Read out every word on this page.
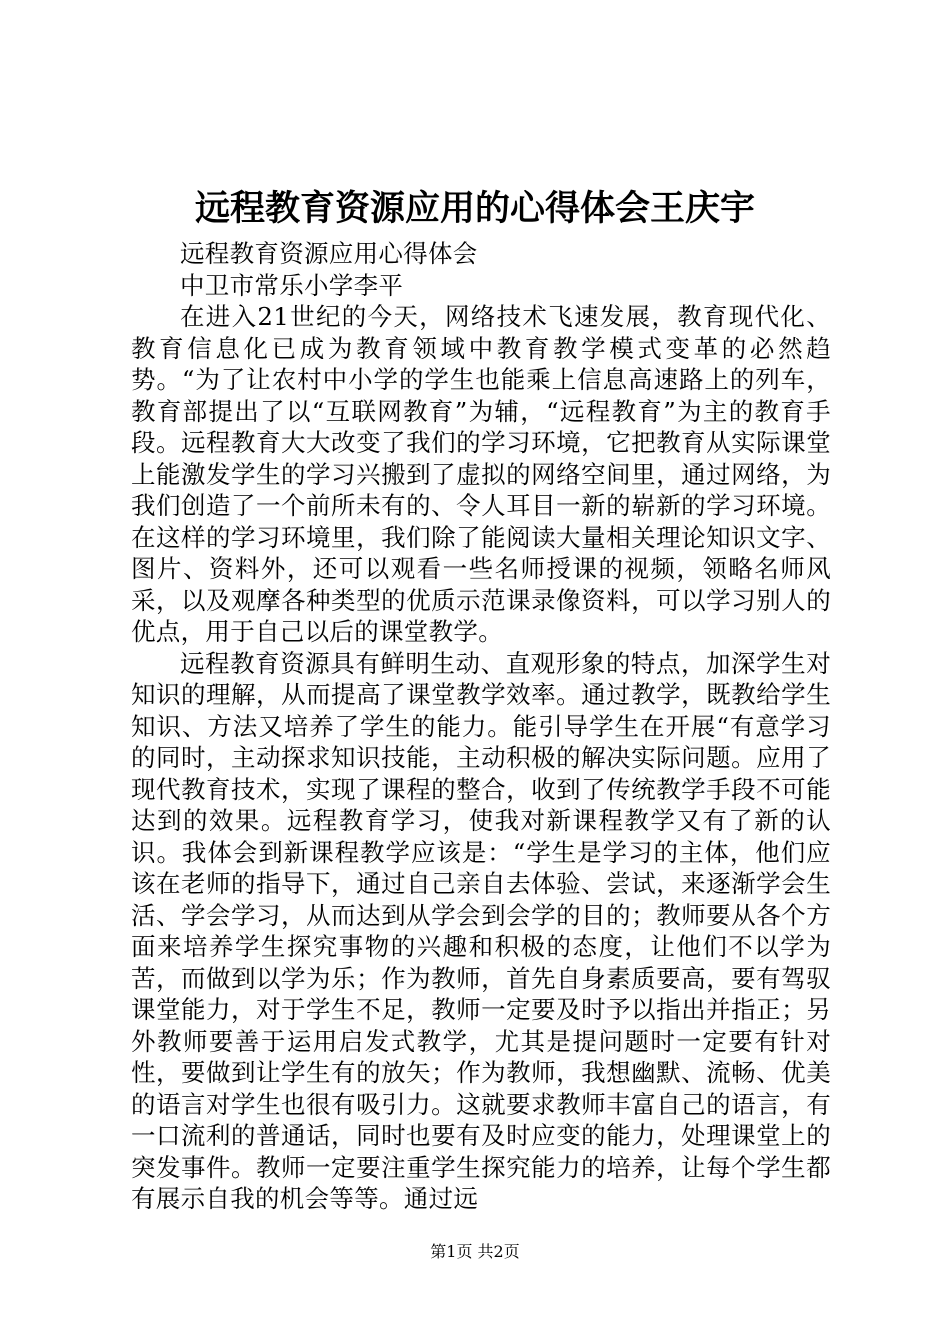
远程教育资源应用的心得体会王庆宇

远程教育资源应用心得体会

中卫市常乐小学李平

在进入21世纪的今天，网络技术飞速发展，教育现代化、教育信息化已成为教育领域中教育教学模式变革的必然趋势。“为了让农村中小学的学生也能乘上信息高速路上的列车，教育部提出了以“互联网教育”为辅，“远程教育”为主的教育手段。远程教育大大改变了我们的学习环境，它把教育从实际课堂上能激发学生的学习兴搬到了虚拟的网络空间里，通过网络，为我们创造了一个前所未有的、令人耳目一新的崭新的学习环境。在这样的学习环境里，我们除了能阅读大量相关理论知识文字、图片、资料外，还可以观看一些名师授课的视频，领略名师风采，以及观摩各种类型的优质示范课录像资料，可以学习别人的优点，用于自己以后的课堂教学。

远程教育资源具有鲜明生动、直观形象的特点，加深学生对知识的理解，从而提高了课堂教学效率。通过教学，既教给学生知识、方法又培养了学生的能力。能引导学生在开展“有意学习的同时，主动探求知识技能，主动积极的解决实际问题。应用了现代教育技术，实现了课程的整合，收到了传统教学手段不可能达到的效果。远程教育学习，使我对新课程教学又有了新的认识。我体会到新课程教学应该是：“学生是学习的主体，他们应该在老师的指导下，通过自己亲自去体验、尝试，来逐渐学会生活、学会学习，从而达到从学会到会学的目的；教师要从各个方面来培养学生探究事物的兴趣和积极的态度，让他们不以学为苦，而做到以学为乐；作为教师，首先自身素质要高，要有驾驭课堂能力，对于学生不足，教师一定要及时予以指出并指正；另外教师要善于运用启发式教学，尤其是提问题时一定要有针对性，要做到让学生有的放矢；作为教师，我想幽默、流畅、优美的语言对学生也很有吸引力。这就要求教师丰富自己的语言，有一口流利的普通话，同时也要有及时应变的能力，处理课堂上的突发事件。教师一定要注重学生探究能力的培养，让每个学生都有展示自我的机会等等。通过远

第1页 共2页
